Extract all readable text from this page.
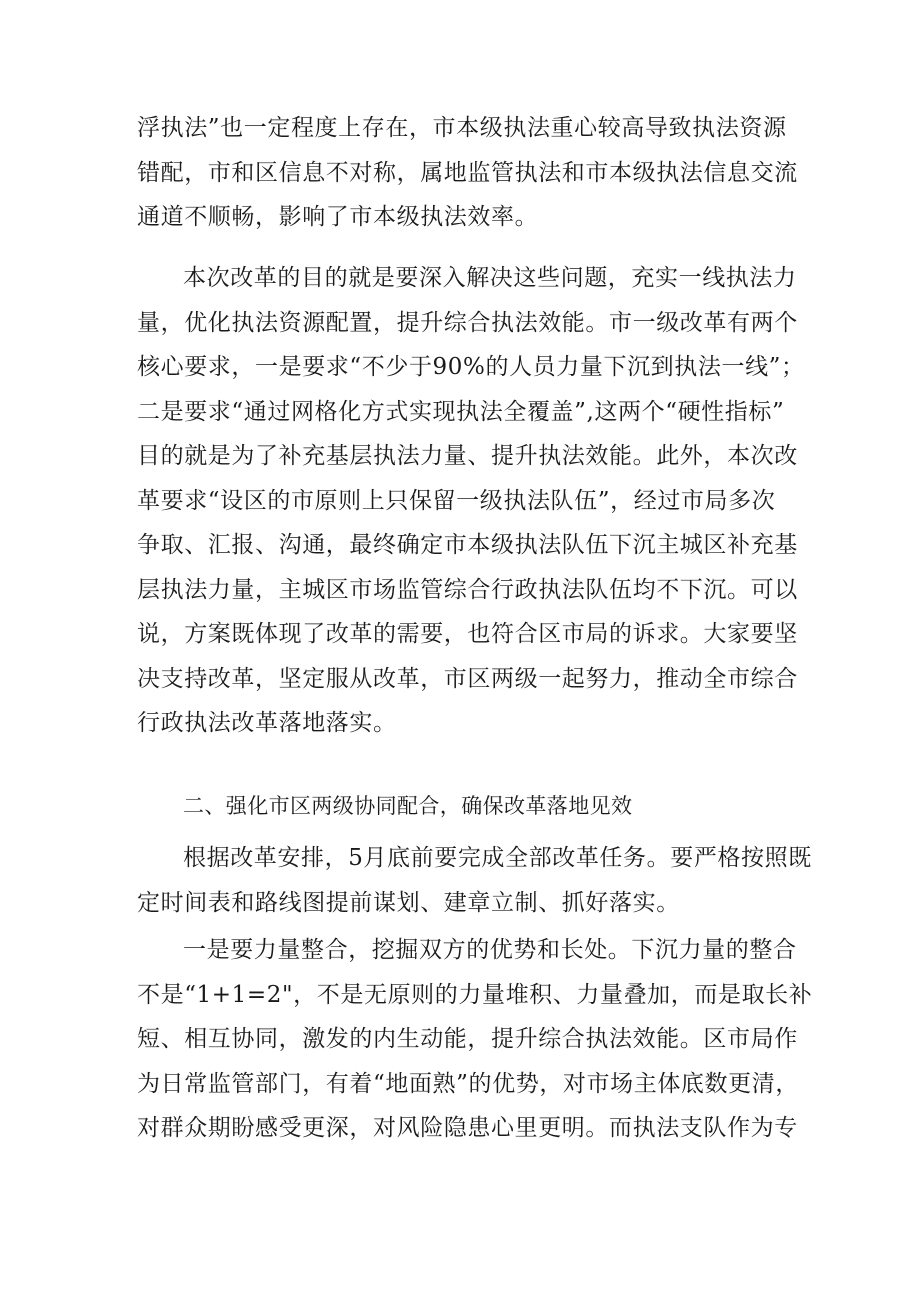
浮执法”也一定程度上存在，市本级执法重心较高导致执法资源
错配，市和区信息不对称，属地监管执法和市本级执法信息交流
通道不顺畅，影响了市本级执法效率。
本次改革的目的就是要深入解决这些问题，充实一线执法力
量，优化执法资源配置，提升综合执法效能。市一级改革有两个
核心要求，一是要求“不少于90%的人员力量下沉到执法一线”；
二是要求“通过网格化方式实现执法全覆盖”,这两个“硬性指标”
目的就是为了补充基层执法力量、提升执法效能。此外，本次改
革要求“设区的市原则上只保留一级执法队伍”，经过市局多次
争取、汇报、沟通，最终确定市本级执法队伍下沉主城区补充基
层执法力量，主城区市场监管综合行政执法队伍均不下沉。可以
说，方案既体现了改革的需要，也符合区市局的诉求。大家要坚
决支持改革，坚定服从改革，市区两级一起努力，推动全市综合
行政执法改革落地落实。
二、强化市区两级协同配合，确保改革落地见效
根据改革安排，5月底前要完成全部改革任务。要严格按照既
定时间表和路线图提前谋划、建章立制、抓好落实。
一是要力量整合，挖掘双方的优势和长处。下沉力量的整合
不是“1+1=2"，不是无原则的力量堆积、力量叠加，而是取长补
短、相互协同，激发的内生动能，提升综合执法效能。区市局作
为日常监管部门，有着“地面熟”的优势，对市场主体底数更清，
对群众期盼感受更深，对风险隐患心里更明。而执法支队作为专
